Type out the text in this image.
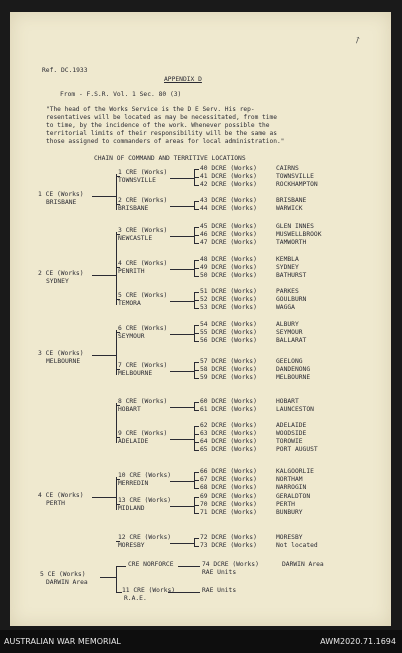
↗
Ref. DC.1933
APPENDIX D
From - F.S.R. Vol. 1 Sec. 80 (3)
"The head of the Works Service is the D E Serv. His rep-
resentatives will be located as may be necessitated, from time
to time, by the incidence of the work. Whenever possible the
territorial limits of their responsibility will be the same as
those assigned to commanders of areas for local administration."
CHAIN OF COMMAND AND TERRITIVE LOCATIONS
1 CE (Works)
BRISBANE
1 CRE (Works)
TOWNSVILLE
40 DCRE (Works)	CAIRNS
41 DCRE (Works)	TOWNSVILLE
42 DCRE (Works)	ROCKHAMPTON
2 CRE (Works)
BRISBANE
43 DCRE (Works)	BRISBANE
44 DCRE (Works)	WARWICK
2 CE (Works)
SYDNEY
3 CRE (Works)
NEWCASTLE
45 DCRE (Works)	GLEN INNES
46 DCRE (Works)	MUSWELLBROOK
47 DCRE (Works)	TAMWORTH
4 CRE (Works)
PENRITH
48 DCRE (Works)	KEMBLA
49 DCRE (Works)	SYDNEY
50 DCRE (Works)	BATHURST
5 CRE (Works)
TEMORA
51 DCRE (Works)	PARKES
52 DCRE (Works)	GOULBURN
53 DCRE (Works)	WAGGA
3 CE (Works)
MELBOURNE
6 CRE (Works)
SEYMOUR
54 DCRE (Works)	ALBURY
55 DCRE (Works)	SEYMOUR
56 DCRE (Works)	BALLARAT
7 CRE (Works)
MELBOURNE
57 DCRE (Works)	GEELONG
58 DCRE (Works)	DANDENONG
59 DCRE (Works)	MELBOURNE
8 CRE (Works)
HOBART
60 DCRE (Works)	HOBART
61 DCRE (Works)	LAUNCESTON
9 CRE (Works)
ADELAIDE
62 DCRE (Works)	ADELAIDE
63 DCRE (Works)	WOODSIDE
64 DCRE (Works)	TOROWIE
65 DCRE (Works)	PORT AUGUST
4 CE (Works)
PERTH
10 CRE (Works)
MERREDIN
66 DCRE (Works)	KALGOORLIE
67 DCRE (Works)	NORTHAM
68 DCRE (Works)	NARROGIN
13 CRE (Works)
MIDLAND
69 DCRE (Works)	GERALDTON
70 DCRE (Works)	PERTH
71 DCRE (Works)	BUNBURY
12 CRE (Works)
MORESBY
72 DCRE (Works)	MORESBY
73 DCRE (Works)	Not located
5 CE (Works)
DARWIN Area
CRE NORFORCE	74 DCRE (Works)	DARWIN Area
RAE Units
11 CRE (Works)
R.A.E.
RAE Units
AUSTRALIAN WAR MEMORIAL	AWM2020.71.1694
